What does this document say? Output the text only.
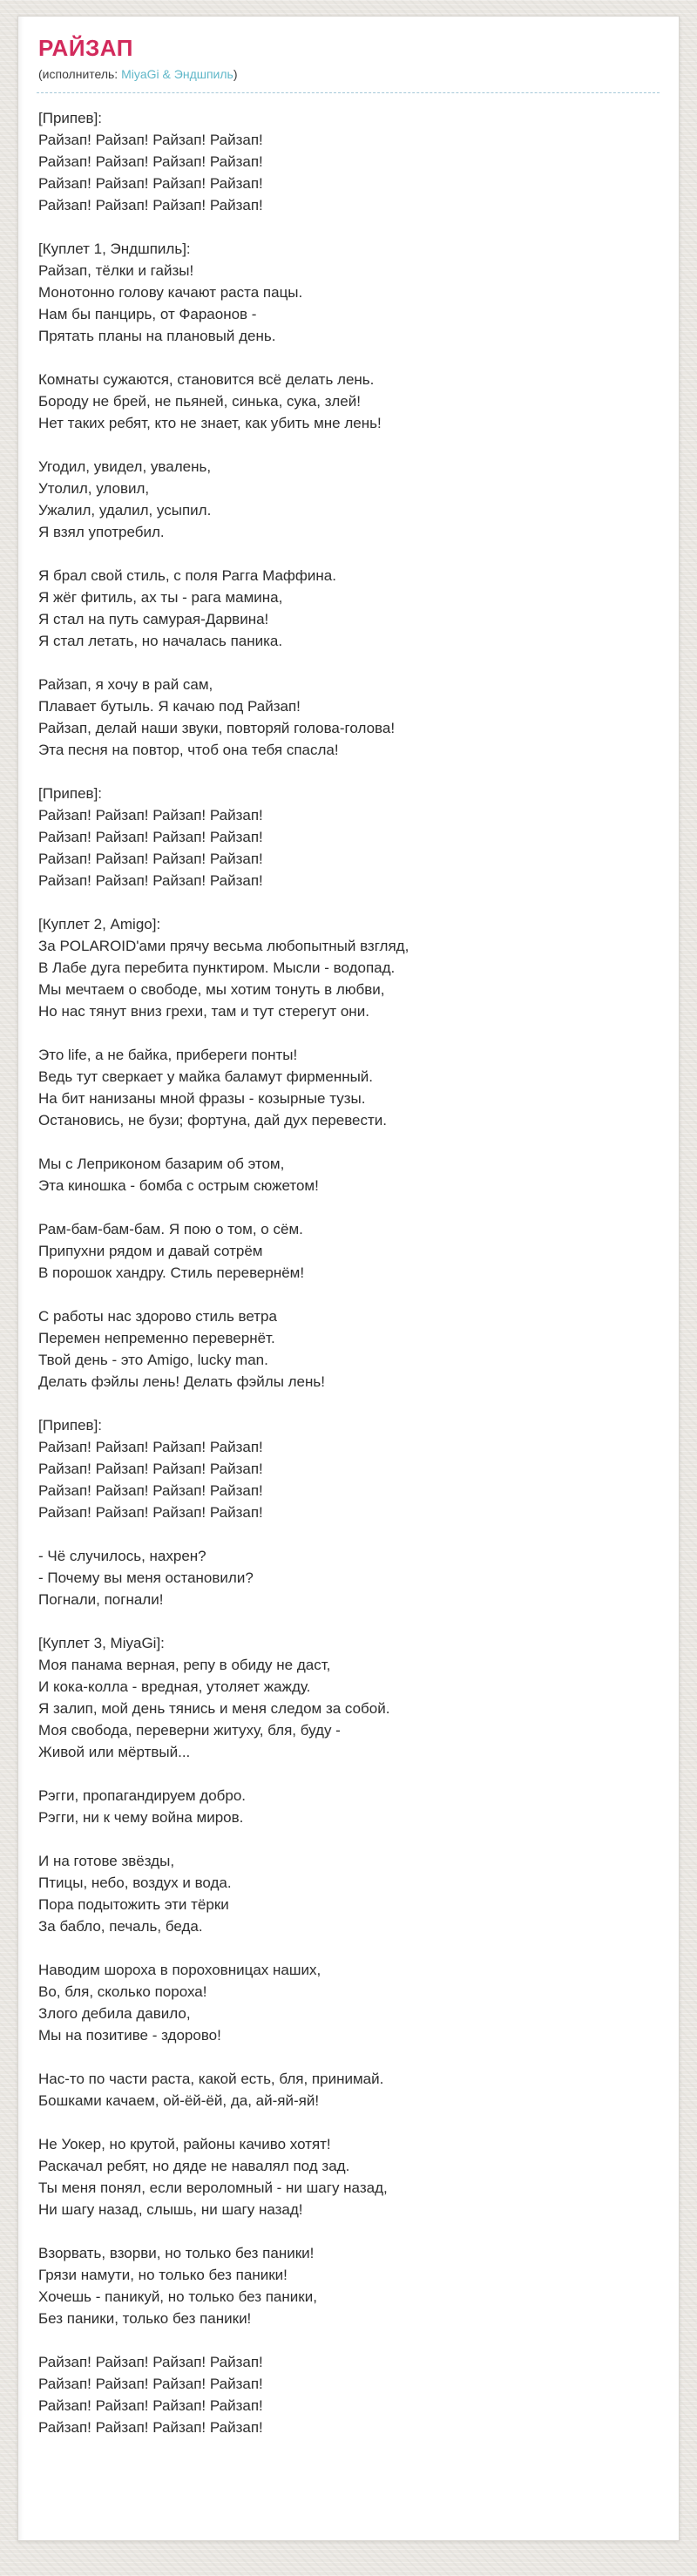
РАЙЗАП
(исполнитель: MiyaGi & Эндшпиль)
[Припев]:
Райзап! Райзап! Райзап! Райзап!
Райзап! Райзап! Райзап! Райзап!
Райзап! Райзап! Райзап! Райзап!
Райзап! Райзап! Райзап! Райзап!
[Куплет 1, Эндшпиль]:
Райзап, тёлки и гайзы!
Монотонно голову качают раста пацы.
Нам бы панцирь, от Фараонов -
Прятать планы на плановый день.
Комнаты сужаются, становится всё делать лень.
Бороду не брей, не пьяней, синька, сука, злей!
Нет таких ребят, кто не знает, как убить мне лень!
Угодил, увидел, увалень,
Утолил, уловил,
Ужалил, удалил, усыпил.
Я взял употребил.
Я брал свой стиль, с поля Рагга Маффина.
Я жёг фитиль, ах ты - рага мамина,
Я стал на путь самурая-Дарвина!
Я стал летать, но началась паника.
Райзап, я хочу в рай сам,
Плавает бутыль. Я качаю под Райзап!
Райзап, делай наши звуки, повторяй голова-голова!
Эта песня на повтор, чтоб она тебя спасла!
[Припев]:
Райзап! Райзап! Райзап! Райзап!
Райзап! Райзап! Райзап! Райзап!
Райзап! Райзап! Райзап! Райзап!
Райзап! Райзап! Райзап! Райзап!
[Куплет 2, Amigo]:
За POLAROID'ами прячу весьма любопытный взгляд,
В Лабе дуга перебита пунктиром. Мысли - водопад.
Мы мечтаем о свободе, мы хотим тонуть в любви,
Но нас тянут вниз грехи, там и тут стерегут они.
Это life, а не байка, прибереги понты!
Ведь тут сверкает у майка баламут фирменный.
На бит нанизаны мной фразы - козырные тузы.
Остановись, не бузи; фортуна, дай дух перевести.
Мы с Леприконом базарим об этом,
Эта киношка - бомба с острым сюжетом!
Рам-бам-бам-бам. Я пою о том, о сём.
Припухни рядом и давай сотрём
В порошок хандру. Стиль перевернём!
С работы нас здорово стиль ветра
Перемен непременно перевернёт.
Твой день - это Amigo, lucky man.
Делать фэйлы лень! Делать фэйлы лень!
[Припев]:
Райзап! Райзап! Райзап! Райзап!
Райзап! Райзап! Райзап! Райзап!
Райзап! Райзап! Райзап! Райзап!
Райзап! Райзап! Райзап! Райзап!
- Чё случилось, нахрен?
- Почему вы меня остановили?
Погнали, погнали!
[Куплет 3, MiyaGi]:
Моя панама верная, репу в обиду не даст,
И кока-колла - вредная, утоляет жажду.
Я залип, мой день тянись и меня следом за собой.
Моя свобода, переверни житуху, бля, буду -
Живой или мёртвый...
Рэгги, пропагандируем добро.
Рэгги, ни к чему война миров.
И на готове звёзды,
Птицы, небо, воздух и вода.
Пора подытожить эти тёрки
За бабло, печаль, беда.
Наводим шороха в пороховницах наших,
Во, бля, сколько пороха!
Злого дебила давило,
Мы на позитиве - здорово!
Нас-то по части раста, какой есть, бля, принимай.
Бошками качаем, ой-ёй-ёй, да, ай-яй-яй!
Не Уокер, но крутой, районы качиво хотят!
Раскачал ребят, но дяде не навалял под зад.
Ты меня понял, если вероломный - ни шагу назад,
Ни шагу назад, слышь, ни шагу назад!
Взорвать, взорви, но только без паники!
Грязи намути, но только без паники!
Хочешь - паникуй, но только без паники,
Без паники, только без паники!
Райзап! Райзап! Райзап! Райзап!
Райзап! Райзап! Райзап! Райзап!
Райзап! Райзап! Райзап! Райзап!
Райзап! Райзап! Райзап! Райзап!
